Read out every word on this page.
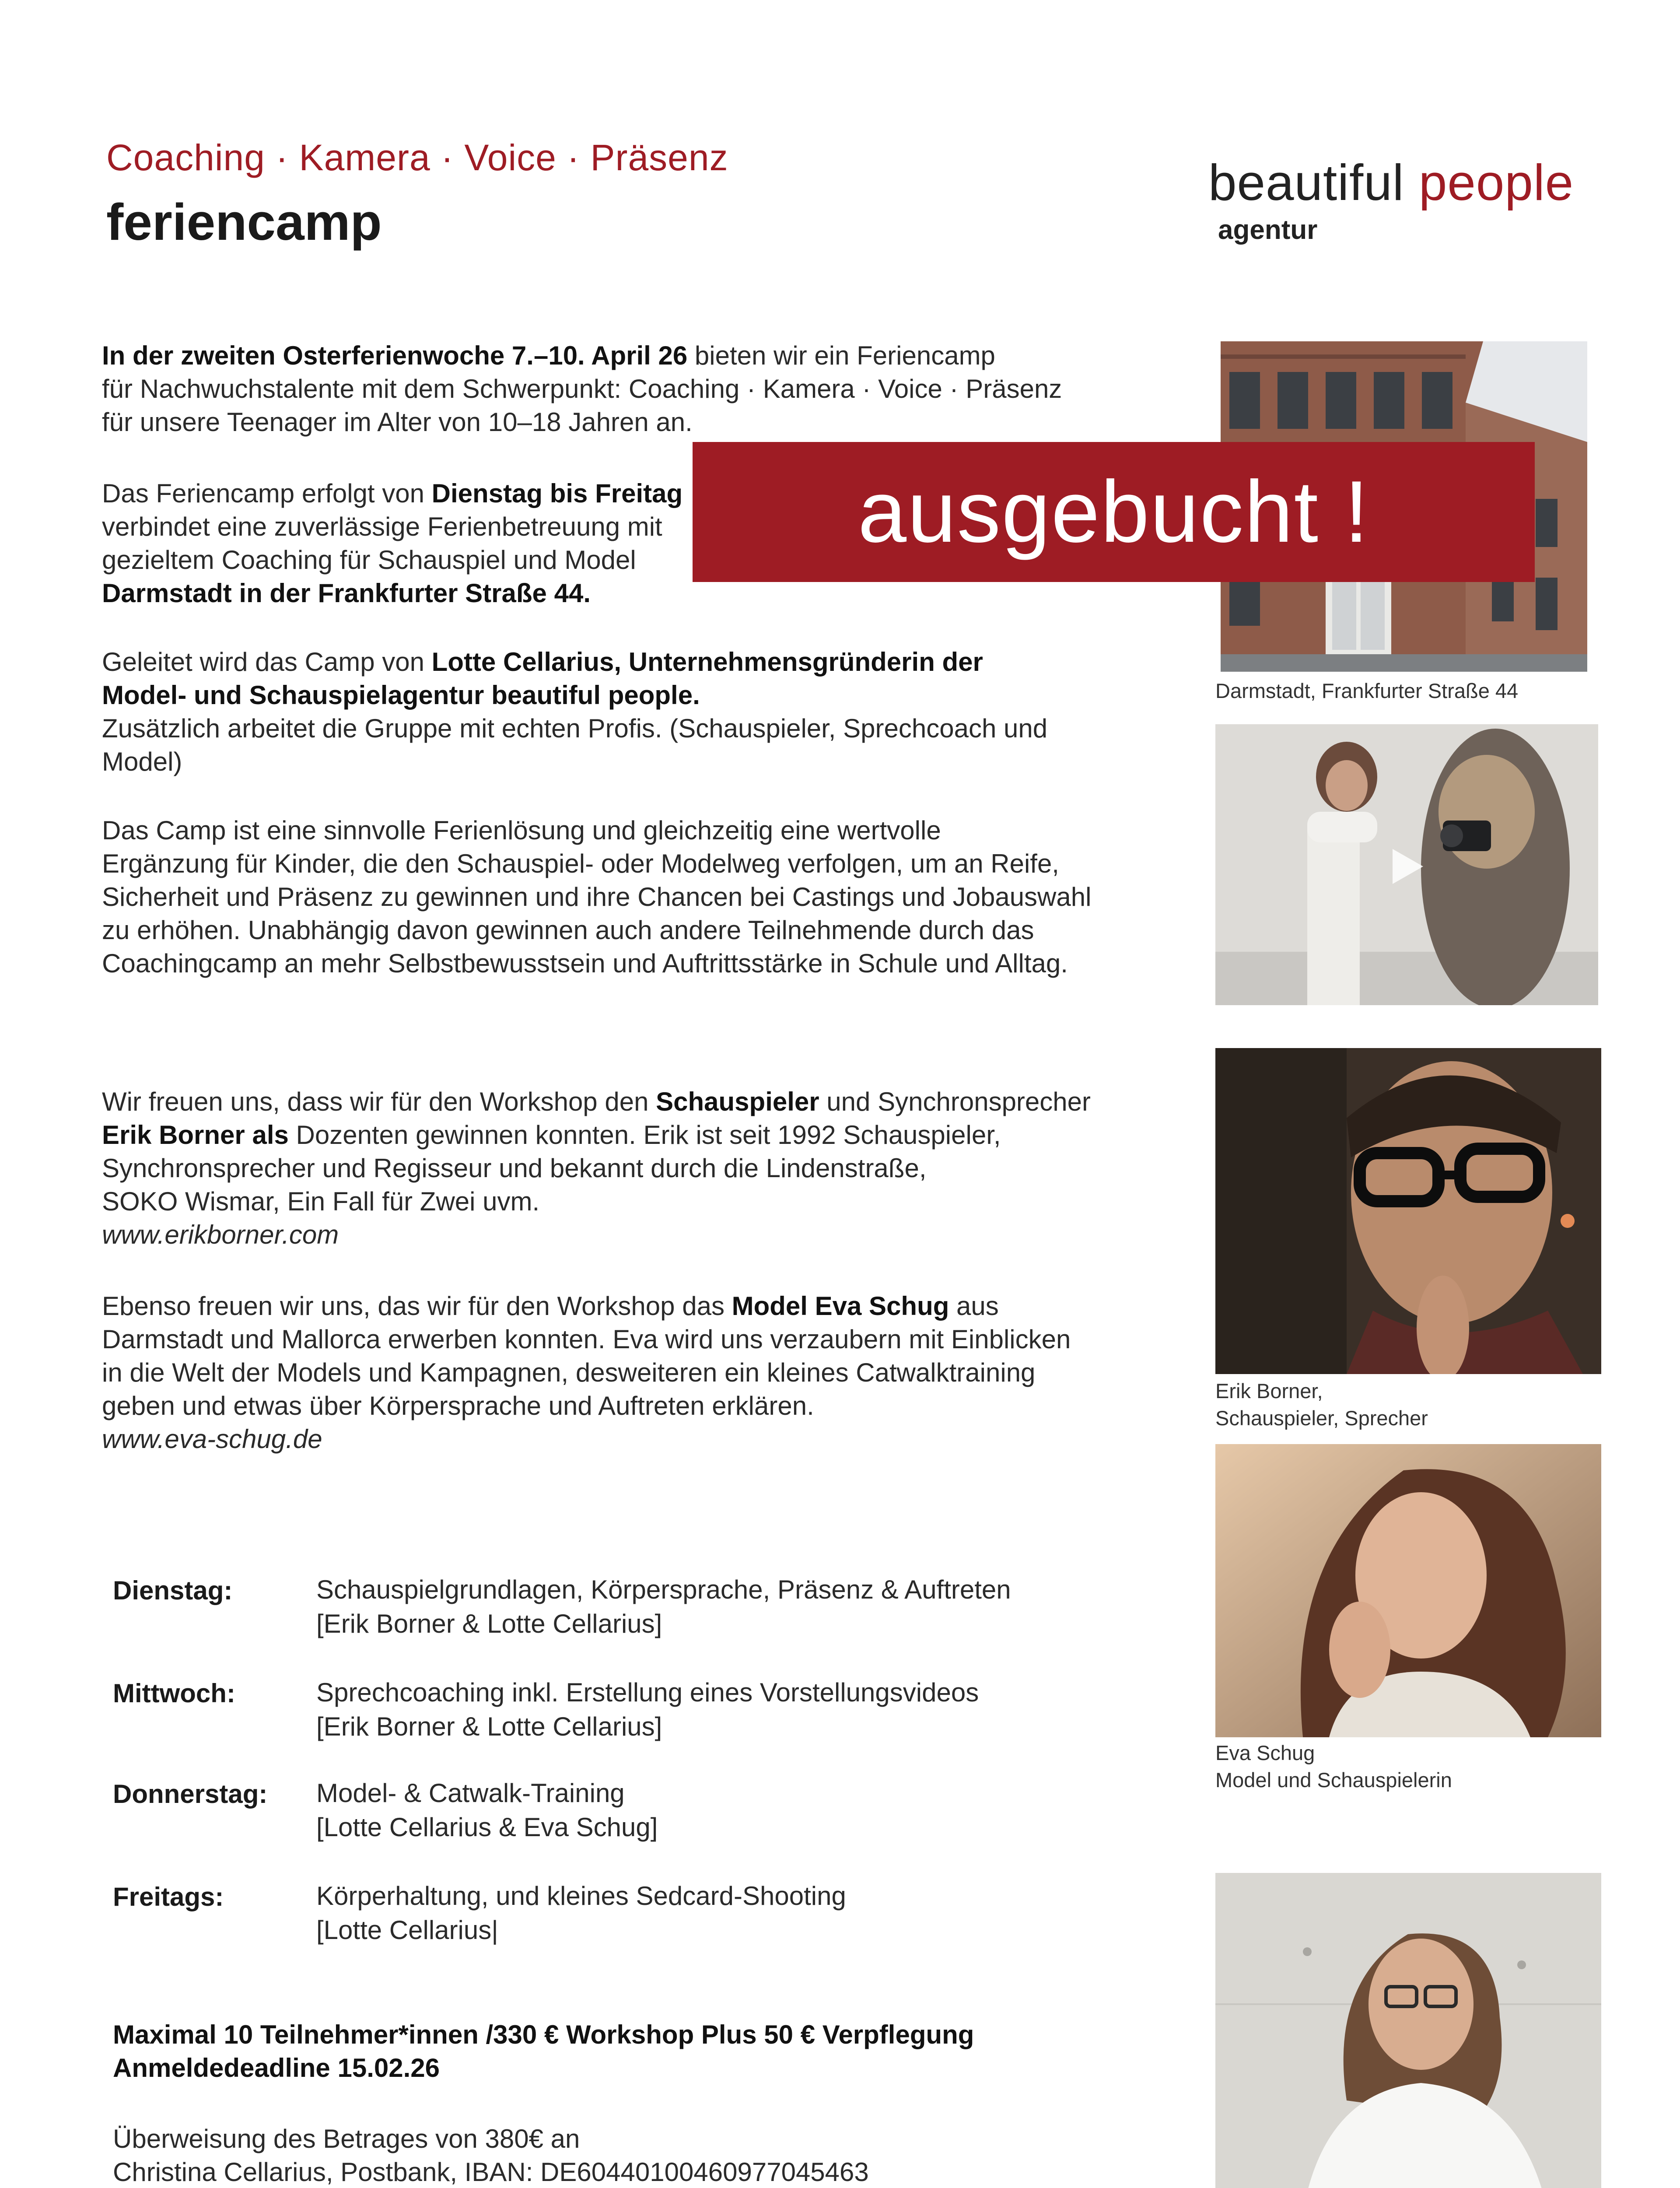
Coaching · Kamera · Voice · Präsenz
feriencamp
beautiful people
agentur
In der zweiten Osterferienwoche 7.–10. April 26 bieten wir ein Feriencamp
für Nachwuchstalente mit dem Schwerpunkt: Coaching · Kamera · Voice · Präsenz
für unsere Teenager im Alter von 10–18 Jahren an.
Das Feriencamp erfolgt von Dienstag bis Freitag
verbindet eine zuverlässige Ferienbetreuung mit
gezieltem Coaching für Schauspiel und Model
Darmstadt in der Frankfurter Straße 44.
Geleitet wird das Camp von Lotte Cellarius, Unternehmensgründerin der
Model- und Schauspielagentur beautiful people.
Zusätzlich arbeitet die Gruppe mit echten Profis. (Schauspieler, Sprechcoach und
Model)
Das Camp ist eine sinnvolle Ferienlösung und gleichzeitig eine wertvolle
Ergänzung für Kinder, die den Schauspiel- oder Modelweg verfolgen, um an Reife,
Sicherheit und Präsenz zu gewinnen und ihre Chancen bei Castings und Jobauswahl
zu erhöhen. Unabhängig davon gewinnen auch andere Teilnehmende durch das
Coachingcamp an mehr Selbstbewusstsein und Auftrittsstärke in Schule und Alltag.
Wir freuen uns, dass wir für den Workshop den Schauspieler und Synchronsprecher
Erik Borner als Dozenten gewinnen konnten. Erik ist seit 1992 Schauspieler,
Synchronsprecher und Regisseur und bekannt durch die Lindenstraße,
SOKO Wismar, Ein Fall für Zwei uvm.
www.erikborner.com
Ebenso freuen wir uns, das wir für den Workshop das Model Eva Schug aus
Darmstadt und Mallorca erwerben konnten. Eva wird uns verzaubern mit Einblicken
in die Welt der Models und Kampagnen, desweiteren ein kleines Catwalktraining
geben und etwas über Körpersprache und Auftreten erklären.
www.eva-schug.de
Dienstag:	Schauspielgrundlagen, Körpersprache, Präsenz & Auftreten
[Erik Borner & Lotte Cellarius]
Mittwoch:	Sprechcoaching inkl. Erstellung eines Vorstellungsvideos
[Erik Borner & Lotte Cellarius]
Donnerstag: Model- & Catwalk-Training
[Lotte Cellarius & Eva Schug]
Freitags:	Körperhaltung, und kleines Sedcard-Shooting
[Lotte Cellarius|
Maximal 10 Teilnehmer*innen /330 € Workshop Plus 50 € Verpflegung
Anmeldedeadline 15.02.26
Überweisung des Betrages von 380€ an
Christina Cellarius, Postbank, IBAN: DE60440100460977045463
Darmstadt, Frankfurter Straße 44
Erik Borner,
Schauspieler, Sprecher
Eva Schug
Model und Schauspielerin
ausgebucht !
